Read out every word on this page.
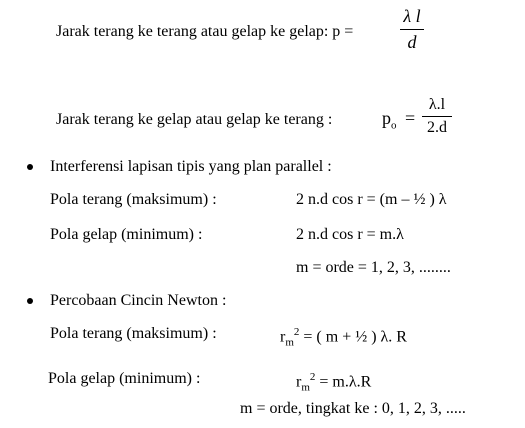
Jarak terang ke terang atau gelap ke gelap: p =
λ l
d
Jarak terang ke gelap atau gelap ke terang :	$p_o$ =
λ.l
2.d
Interferensi lapisan tipis yang plan parallel :
Pola terang (maksimum) :	2 n.d cos r = (m – ½ ) λ
Pola gelap (minimum) :	2 n.d cos r = m.λ
m = orde = 1, 2, 3, ........
Percobaan Cincin Newton :
Pola terang (maksimum) :	$r_m^2$ = ( m + ½ ) λ. R
Pola gelap (minimum) :	$r_m^2 = m.\lambda.R$
m = orde, tingkat ke : 0, 1, 2, 3, .....
